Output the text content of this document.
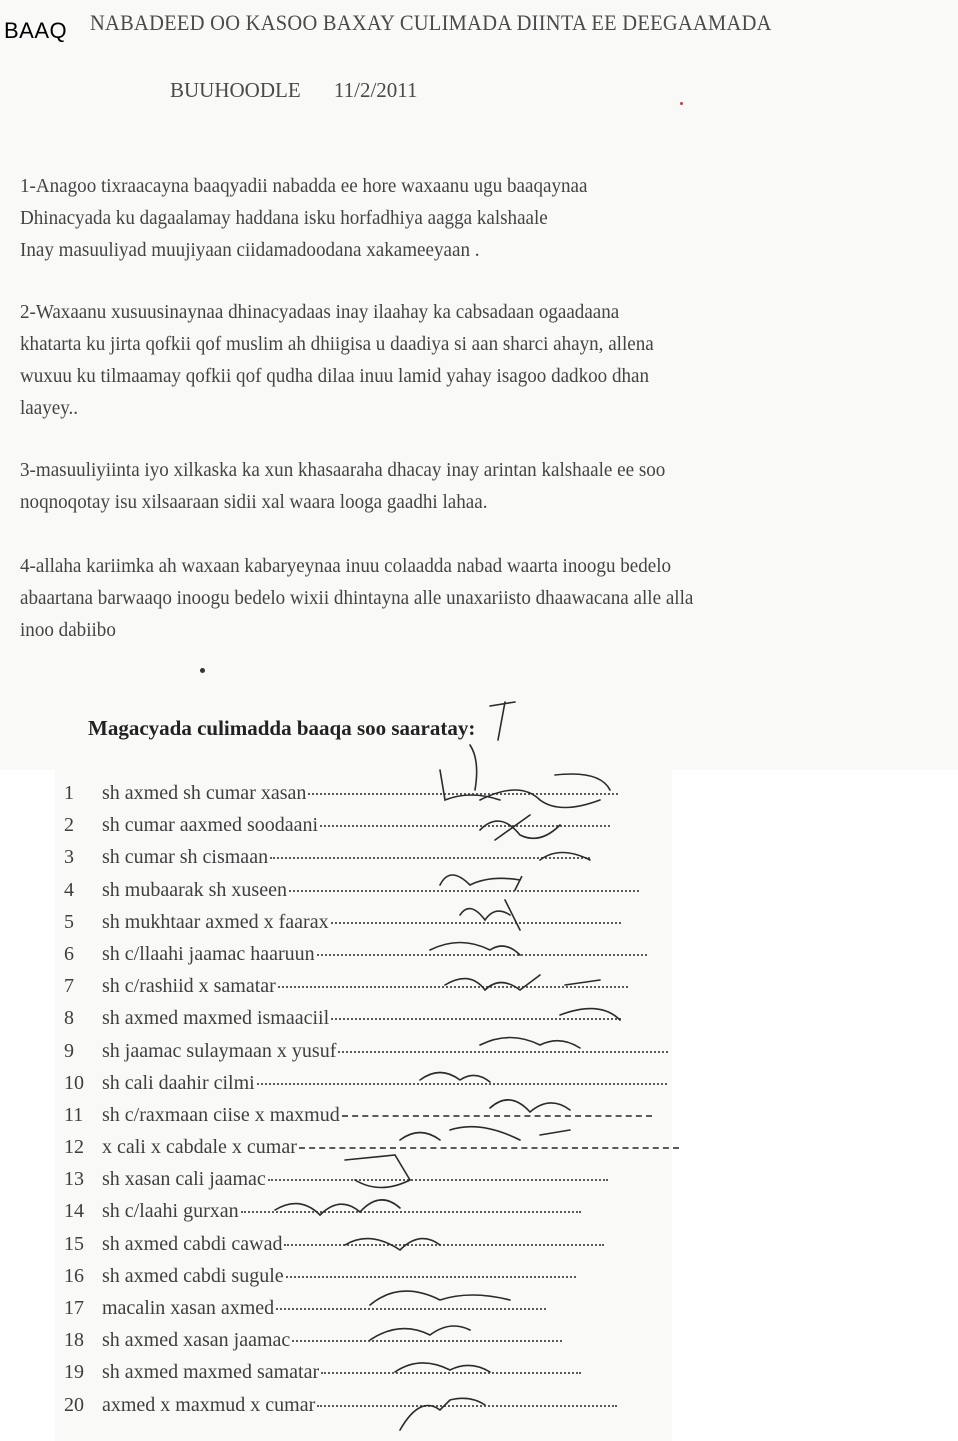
BAAQ NABADEED OO KASOO BAXAY CULIMADA DIINTA EE DEEGAAMADA
BUUHOODLE 11/2/2011
1-Anagoo tixraacayna baaqyadii nabadda ee hore waxaanu ugu baaqaynaa
Dhinacyada ku dagaalamay haddana isku horfadhiya aagga kalshaale
Inay masuuliyad muujiyaan ciidamadoodana xakameeyaan .
2-Waxaanu xusuusinaynaa dhinacyadaas inay ilaahay ka cabsadaan ogaadaana
khatarta ku jirta qofkii qof muslim ah dhiigisa u daadiya si aan sharci ahayn, allena
wuxuu ku tilmaamay qofkii qof qudha dilaa inuu lamid yahay isagoo dadkoo dhan
laayey..
3-masuuliyiinta iyo xilkaska ka xun khasaaraha dhacay inay arintan kalshaale ee soo
noqnoqotay isu xilsaaraan sidii xal waara looga gaadhi lahaa.
4-allaha kariimka ah waxaan kabaryeynaa inuu colaadda nabad waarta inoogu bedelo
abaartana barwaaqo inoogu bedelo wixii dhintayna alle unaxariisto dhaawacana alle alla
inoo dabiibo
Magacyada culimadda baaqa soo saaratay:
1	sh axmed sh cumar xasan
2	sh cumar aaxmed soodaani
3	sh cumar sh cismaan
4	sh mubaarak sh xuseen
5	sh mukhtaar axmed x faarax
6	sh c/llaahi jaamac haaruun
7	sh c/rashiid x samatar
8	sh axmed maxmed ismaaciil
9	sh jaamac sulaymaan x yusuf
10 sh cali daahir cilmi
11 sh c/raxmaan ciise x maxmud
12 x cali x cabdale x cumar
13 sh xasan cali jaamac
14 sh c/laahi gurxan
15 sh axmed cabdi cawad
16 sh axmed cabdi sugule
17 macalin xasan axmed
18 sh axmed xasan jaamac
19 sh axmed maxmed samatar
20 axmed x maxmud x cumar
